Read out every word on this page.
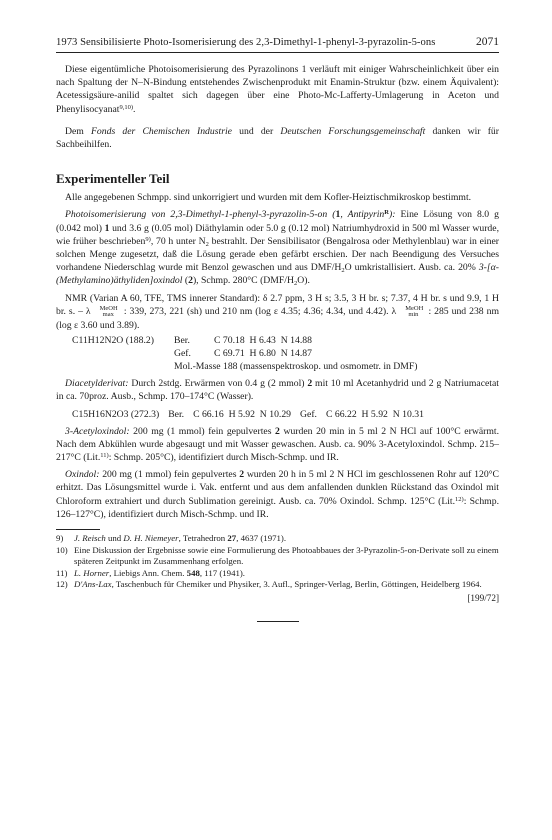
1973 Sensibilisierte Photo-Isomerisierung des 2,3-Dimethyl-1-phenyl-3-pyrazolin-5-ons	2071

Diese eigentümliche Photoisomerisierung des Pyrazolinons 1 verläuft mit einiger Wahrscheinlichkeit über ein nach Spaltung der N–N-Bindung entstehendes Zwischenprodukt mit Enamin-Struktur (bzw. einem Äquivalent): Acetessigsäure-anilid spaltet sich dagegen über eine Photo-Mc-Lafferty-Umlagerung in Aceton und Phenylisocyanat$^{9,10)}$.

Dem Fonds der Chemischen Industrie und der Deutschen Forschungsgemeinschaft danken wir für Sachbeihilfen.

Experimenteller Teil

Alle angegebenen Schmpp. sind unkorrigiert und wurden mit dem Kofler-Heiztischmikroskop bestimmt.

Photoisomerisierung von 2,3-Dimethyl-1-phenyl-3-pyrazolin-5-on (1, Antipyrin$^R$): Eine Lösung von 8.0 g (0.042 mol) 1 und 3.6 g (0.05 mol) Diäthylamin oder 5.0 g (0.12 mol) Natriumhydroxid in 500 ml Wasser wurde, wie früher beschrieben$^{9)}$, 70 h unter $N_2$ bestrahlt. Der Sensibilisator (Bengalrosa oder Methylenblau) war in einer solchen Menge zugesetzt, daß die Lösung gerade eben gefärbt erschien. Der nach Beendigung des Versuches vorhandene Niederschlag wurde mit Benzol gewaschen und aus DMF/$H_2O$ umkristallisiert. Ausb. ca. 20% 3-[α-(Methylamino)äthyliden]oxindol (2), Schmp. 280°C $(DMF/H_2O)$.

NMR (Varian A 60, TFE, TMS innerer Standard): δ 2.7 ppm, 3 H s; 3.5, 3 H br. s; 7.37, 4 H br. s und 9.9, 1 H br. s. – λ $^{MeOH}_{max}$ : 339, 273, 221 (sh) und 210 nm (log ε 4.35; 4.36; 4.34, und 4.42). λ $^{MeOH}_{min}$ : 285 und 238 nm (log ε 3.60 und 3.89).

C11H12N2O (188.2)	Ber.	C 70.18  H 6.43  N 14.88
	Gef.	C 69.71  H 6.80  N 14.87
	Mol.-Masse 188 (massenspektroskop. und osmometr. in DMF)	

Diacetylderivat: Durch 2stdg. Erwärmen von 0.4 g (2 mmol) 2 mit 10 ml Acetanhydrid und 2 g Natriumacetat in ca. 70proz. Ausb., Schmp. 170–174°C (Wasser).

C15H16N2O3 (272.3) Ber. C 66.16  H 5.92  N 10.29 Gef. C 66.22  H 5.92  N 10.31

3-Acetyloxindol: 200 mg (1 mmol) fein gepulvertes 2 wurden 20 min in 5 ml 2 N HCl auf 100°C erwärmt. Nach dem Abkühlen wurde abgesaugt und mit Wasser gewaschen. Ausb. ca. 90% 3-Acetyloxindol. Schmp. 215–217°C (Lit.$^{11)}$: Schmp. 205°C), identifiziert durch Misch-Schmp. und IR.

Oxindol: 200 mg (1 mmol) fein gepulvertes 2 wurden 20 h in 5 ml 2 N HCl im geschlossenen Rohr auf 120°C erhitzt. Das Lösungsmittel wurde i. Vak. entfernt und aus dem anfallenden dunklen Rückstand das Oxindol mit Chloroform extrahiert und durch Sublimation gereinigt. Ausb. ca. 70% Oxindol. Schmp. 125°C (Lit.$^{12)}$: Schmp. 126–127°C), identifiziert durch Misch-Schmp. und IR.

9)	J. Reisch und D. H. Niemeyer, Tetrahedron 27, 4637 (1971).
10) Eine Diskussion der Ergebnisse sowie eine Formulierung des Photoabbaues der 3-Pyrazolin-5-on-Derivate soll zu einem späteren Zeitpunkt im Zusammenhang erfolgen.
11) L. Horner, Liebigs Ann. Chem. 548, 117 (1941).
12) D'Ans-Lax, Taschenbuch für Chemiker und Physiker, 3. Aufl., Springer-Verlag, Berlin, Göttingen, Heidelberg 1964.
[199/72]
